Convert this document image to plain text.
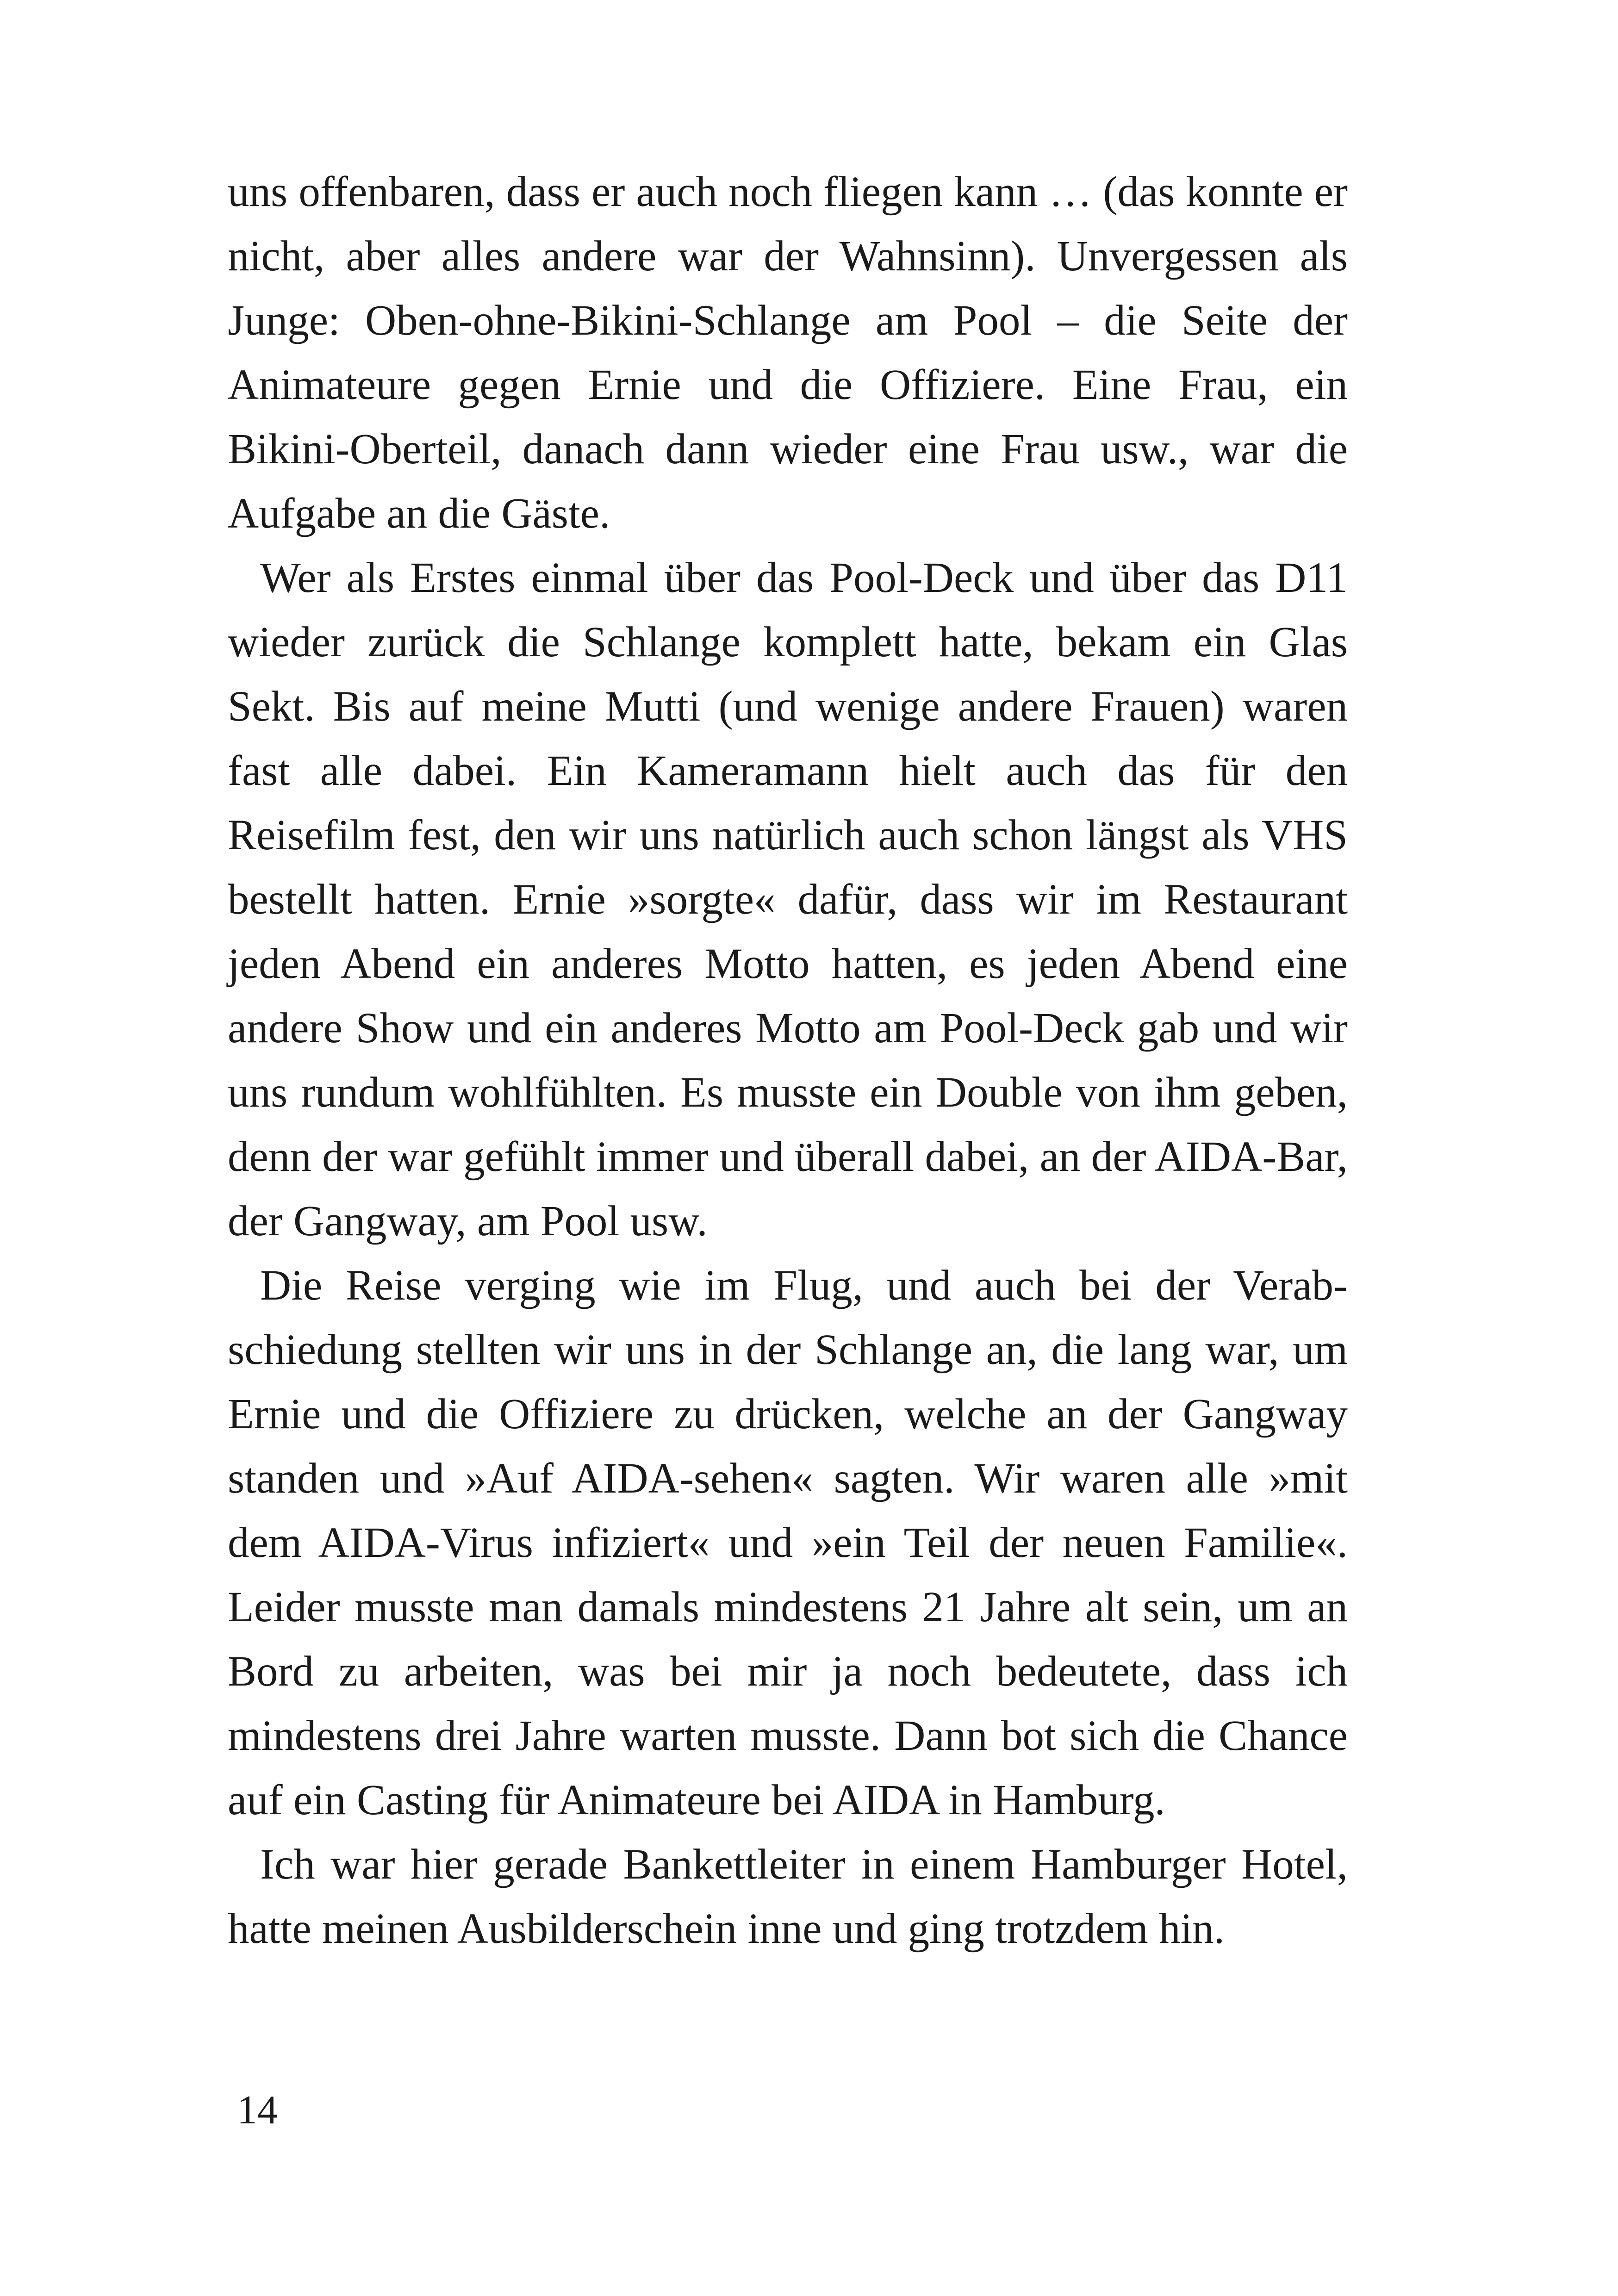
uns offenbaren, dass er auch noch fliegen kann … (das konnte er nicht, aber alles andere war der Wahnsinn). Unvergessen als Junge: Oben-ohne-Bikini-Schlange am Pool – die Seite der Animateure gegen Ernie und die Offiziere. Eine Frau, ein Bikini-Oberteil, danach dann wieder eine Frau usw., war die Aufgabe an die Gäste.

Wer als Erstes einmal über das Pool-Deck und über das D11 wieder zurück die Schlange komplett hatte, bekam ein Glas Sekt. Bis auf meine Mutti (und wenige andere Frauen) waren fast alle dabei. Ein Kameramann hielt auch das für den Reisefilm fest, den wir uns natürlich auch schon längst als VHS bestellt hatten. Ernie »sorgte« dafür, dass wir im Restaurant jeden Abend ein anderes Motto hatten, es jeden Abend eine andere Show und ein anderes Motto am Pool-Deck gab und wir uns rundum wohlfühlten. Es musste ein Double von ihm geben, denn der war gefühlt immer und überall dabei, an der AIDA-Bar, der Gangway, am Pool usw.

Die Reise verging wie im Flug, und auch bei der Verabschiedung stellten wir uns in der Schlange an, die lang war, um Ernie und die Offiziere zu drücken, welche an der Gangway standen und »Auf AIDA-sehen« sagten. Wir waren alle »mit dem AIDA-Virus infiziert« und »ein Teil der neuen Familie«. Leider musste man damals mindestens 21 Jahre alt sein, um an Bord zu arbeiten, was bei mir ja noch bedeutete, dass ich mindestens drei Jahre warten musste. Dann bot sich die Chance auf ein Casting für Animateure bei AIDA in Hamburg.

Ich war hier gerade Bankettleiter in einem Hamburger Hotel, hatte meinen Ausbilderschein inne und ging trotzdem hin.

14
